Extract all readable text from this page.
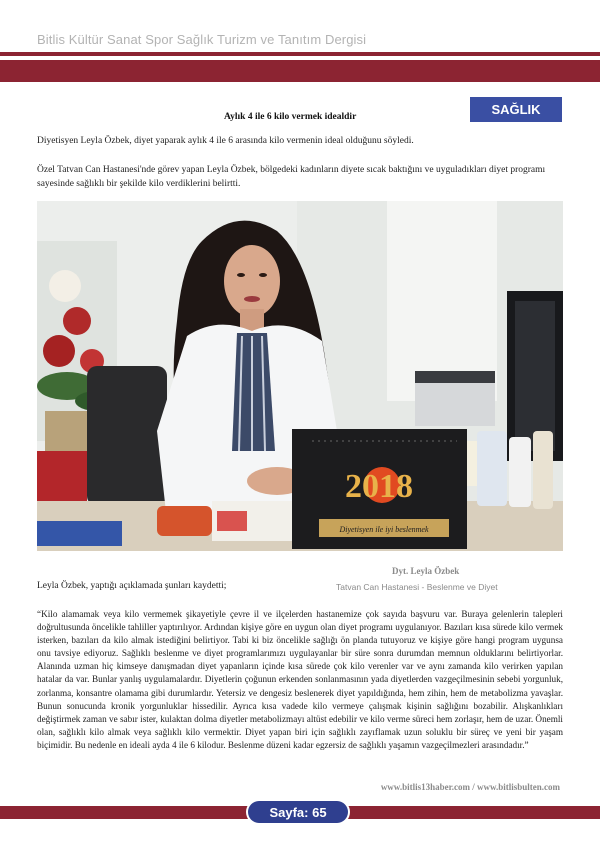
Bitlis Kültür Sanat Spor Sağlık Turizm ve Tanıtım Dergisi
SAĞLIK
Aylık 4 ile 6 kilo vermek idealdir
Diyetisyen Leyla Özbek, diyet yaparak aylık 4 ile 6 arasında kilo vermenin ideal olduğunu söyledi.
Özel Tatvan Can Hastanesi'nde görev yapan Leyla Özbek, bölgedeki kadınların diyete sıcak baktığını ve uyguladıkları diyet programı sayesinde sağlıklı bir şekilde kilo verdiklerini belirtti.
2018
Diyetisyen ile iyi beslenmek
Dyt. Leyla Özbek
Leyla Özbek, yaptığı açıklamada şunları kaydetti;	Tatvan Can Hastanesi - Beslenme ve Diyet

“Kilo alamamak veya kilo vermemek şikayetiyle çevre il ve ilçelerden hastanemize çok sayıda başvuru var. Buraya gelenlerin talepleri doğrultusunda öncelikle tahliller yaptırılıyor. Ardından kişiye göre en uygun olan diyet programı uygulanıyor. Bazıları kısa sürede kilo vermek isterken, bazıları da kilo almak istediğini belirtiyor. Tabi ki biz öncelikle sağlığı ön planda tutuyoruz ve kişiye göre hangi program uygunsa onu tavsiye ediyoruz. Sağlıklı beslenme ve diyet programlarımızı uygulayanlar bir süre sonra durumdan memnun olduklarını belirtiyorlar. Alanında uzman hiç kimseye danışmadan diyet yapanların içinde kısa sürede çok kilo verenler var ve aynı zamanda kilo verirken yapılan hatalar da var. Bunlar yanlış uygulamalardır. Diyetlerin çoğunun erkenden sonlanmasının yada diyetlerden vazgeçilmesinin sebebi yorgunluk, zorlanma, konsantre olamama gibi durumlardır. Yetersiz ve dengesiz beslenerek diyet yapıldığında, hem zihin, hem de metabolizma yavaşlar. Bunun sonucunda kronik yorgunluklar hissedilir. Ayrıca kısa vadede kilo vermeye çalışmak kişinin sağlığını bozabilir. Alışkanlıkları değiştirmek zaman ve sabır ister, kulaktan dolma diyetler metabolizmayı altüst edebilir ve kilo verme süreci hem zorlaşır, hem de uzar. Önemli olan, sağlıklı kilo almak veya sağlıklı kilo vermektir. Diyet yapan biri için sağlıklı zayıflamak uzun soluklu bir süreç ve yeni bir yaşam biçimidir. Bu nedenle en ideali ayda 4 ile 6 kilodur. Beslenme düzeni kadar egzersiz de sağlıklı yaşamın vazgeçilmezleri arasındadır.”

www.bitlis13haber.com / www.bitlisbulten.com
Sayfa: 65
